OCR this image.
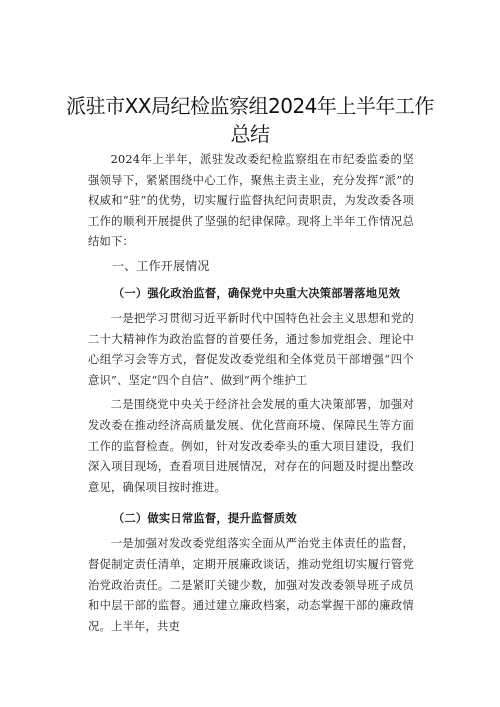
派驻市XX局纪检监察组2024年上半年工作
总结

2024年上半年，派驻发改委纪检监察组在市纪委监委的坚强领导下，紧紧围绕中心工作，聚焦主责主业，充分发挥“派”的权威和“驻”的优势，切实履行监督执纪问责职责，为发改委各项工作的顺利开展提供了坚强的纪律保障。现将上半年工作情况总结如下：

一、工作开展情况

（一）强化政治监督，确保党中央重大决策部署落地见效

一是把学习贯彻习近平新时代中国特色社会主义思想和党的二十大精神作为政治监督的首要任务，通过参加党组会、理论中心组学习会等方式，督促发改委党组和全体党员干部增强“四个意识”、坚定“四个自信”、做到“两个维护工

二是围绕党中央关于经济社会发展的重大决策部署，加强对发改委在推动经济高质量发展、优化营商环境、保障民生等方面工作的监督检查。例如，针对发改委牵头的重大项目建设，我们深入项目现场，查看项目进展情况，对存在的问题及时提出整改意见，确保项目按时推进。

（二）做实日常监督，提升监督质效

一是加强对发改委党组落实全面从严治党主体责任的监督，督促制定责任清单，定期开展廉政谈话，推动党组切实履行管党治党政治责任。二是紧盯关键少数，加强对发改委领导班子成员和中层干部的监督。通过建立廉政档案，动态掌握干部的廉政情况。上半年，共吏
